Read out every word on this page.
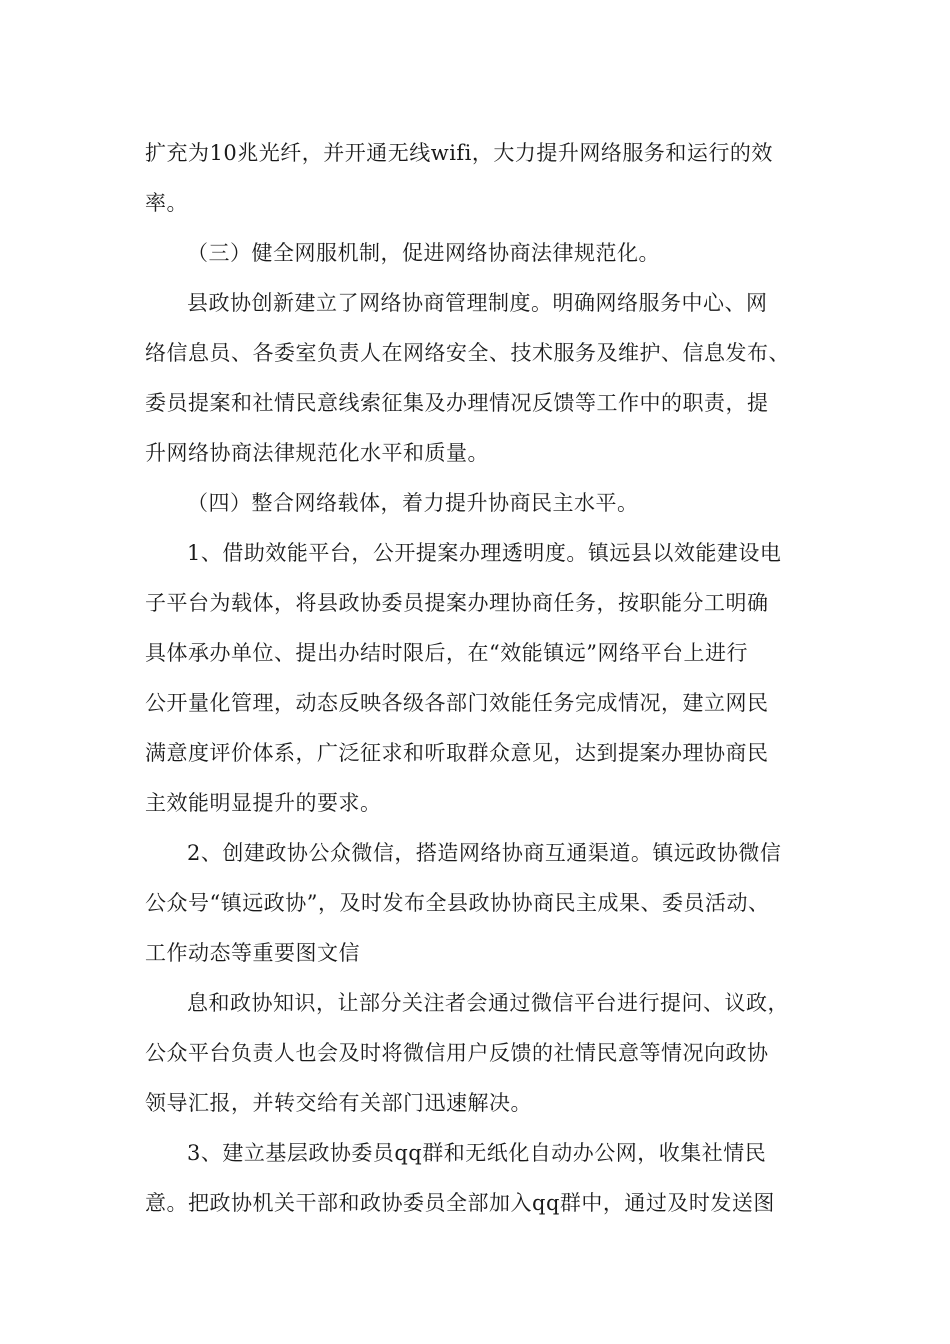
扩充为10兆光纤，并开通无线wifi，大力提升网络服务和运行的效

率。

（三）健全网服机制，促进网络协商法律规范化。

县政协创新建立了网络协商管理制度。明确网络服务中心、网

络信息员、各委室负责人在网络安全、技术服务及维护、信息发布、

委员提案和社情民意线索征集及办理情况反馈等工作中的职责，提

升网络协商法律规范化水平和质量。

（四）整合网络载体，着力提升协商民主水平。

1、借助效能平台，公开提案办理透明度。镇远县以效能建设电

子平台为载体，将县政协委员提案办理协商任务，按职能分工明确

具体承办单位、提出办结时限后，在“效能镇远”网络平台上进行

公开量化管理，动态反映各级各部门效能任务完成情况，建立网民

满意度评价体系，广泛征求和听取群众意见，达到提案办理协商民

主效能明显提升的要求。

2、创建政协公众微信，搭造网络协商互通渠道。镇远政协微信

公众号“镇远政协”，及时发布全县政协协商民主成果、委员活动、

工作动态等重要图文信

息和政协知识，让部分关注者会通过微信平台进行提问、议政，

公众平台负责人也会及时将微信用户反馈的社情民意等情况向政协

领导汇报，并转交给有关部门迅速解决。

3、建立基层政协委员qq群和无纸化自动办公网，收集社情民

意。把政协机关干部和政协委员全部加入qq群中，通过及时发送图
